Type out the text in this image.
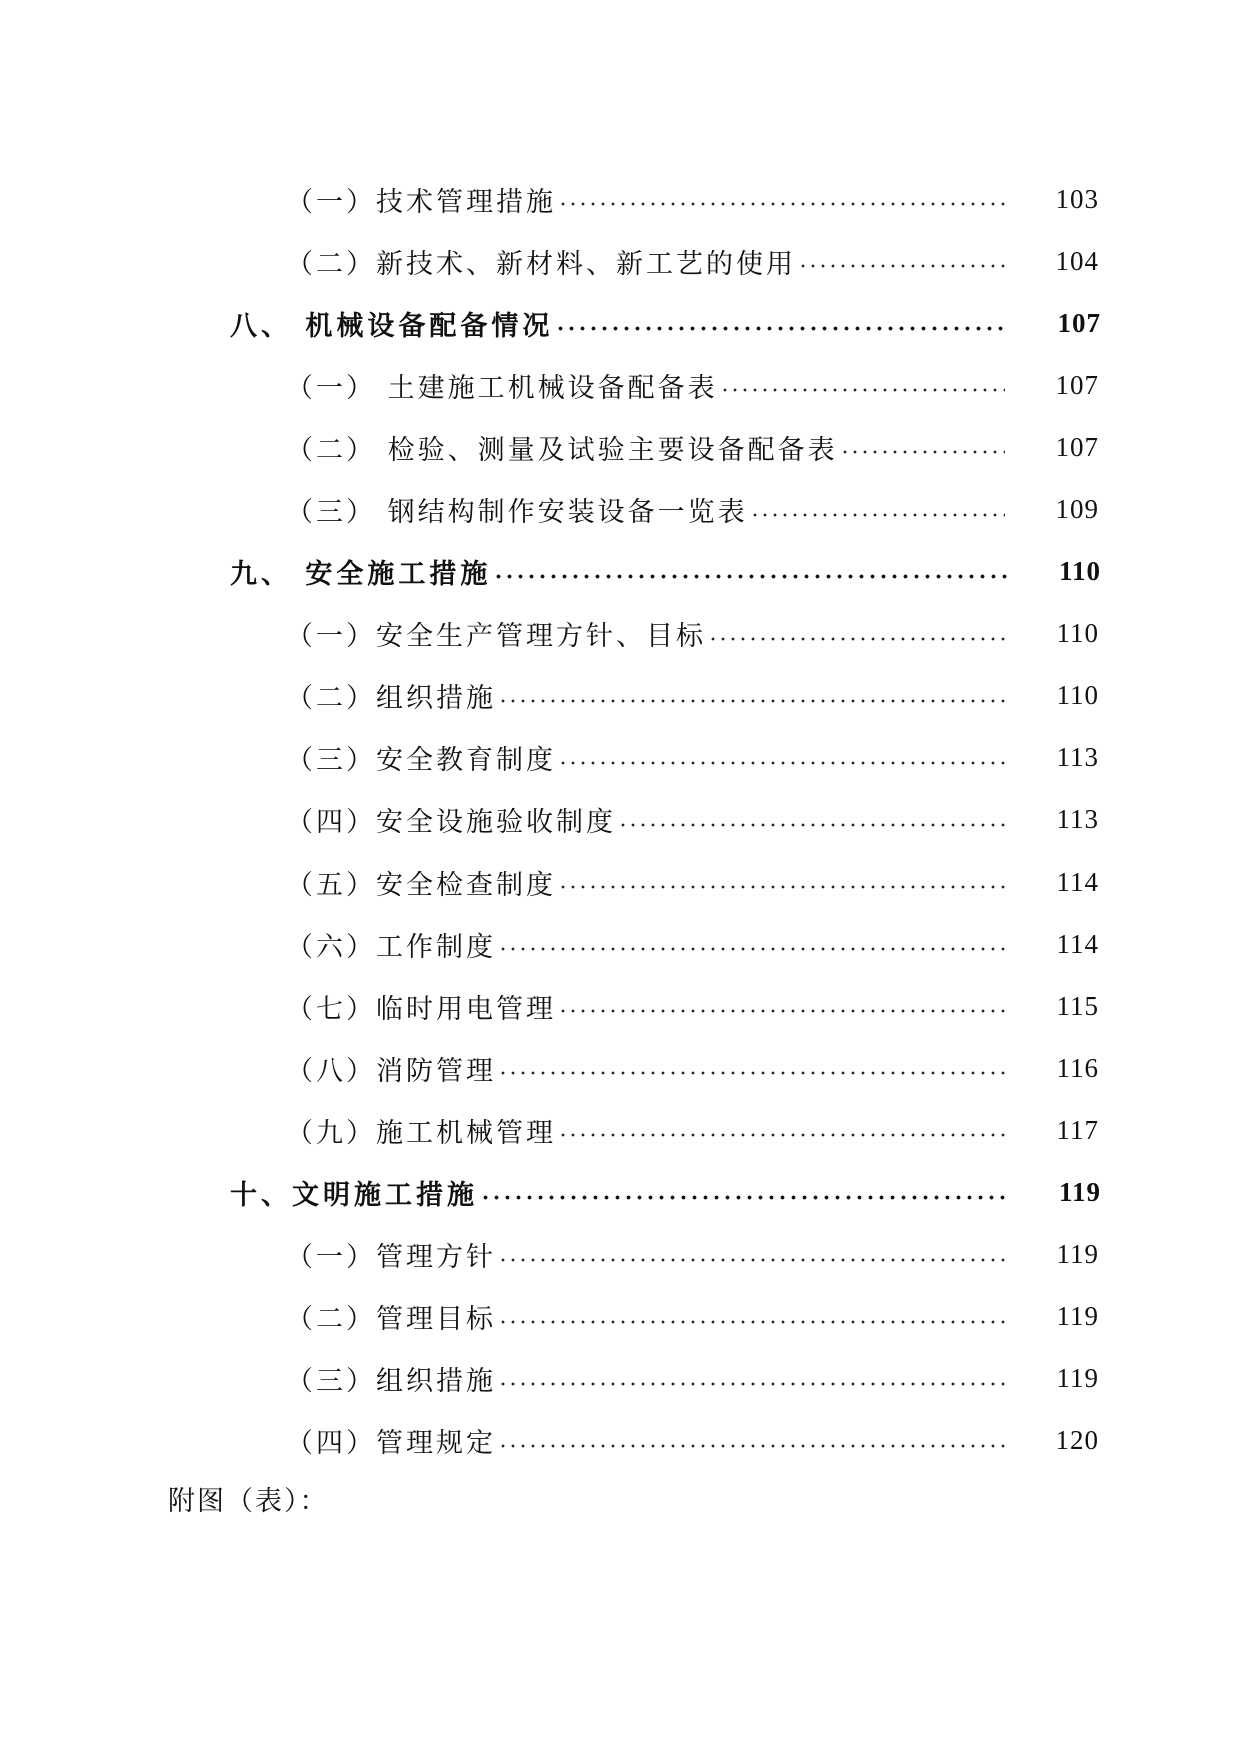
（一）技术管理措施	103
（二）新技术、新材料、新工艺的使用	104
八、 机械设备配备情况	107
（一） 土建施工机械设备配备表	107
（二） 检验、测量及试验主要设备配备表	107
（三） 钢结构制作安装设备一览表	109
九、 安全施工措施	110
（一）安全生产管理方针、目标	110
（二）组织措施	110
（三）安全教育制度	113
（四）安全设施验收制度	113
（五）安全检查制度	114
（六）工作制度	114
（七）临时用电管理	115
（八）消防管理	116
（九）施工机械管理	117
十、文明施工措施	119
（一）管理方针	119
（二）管理目标	119
（三）组织措施	119
（四）管理规定	120
附图（表）：
